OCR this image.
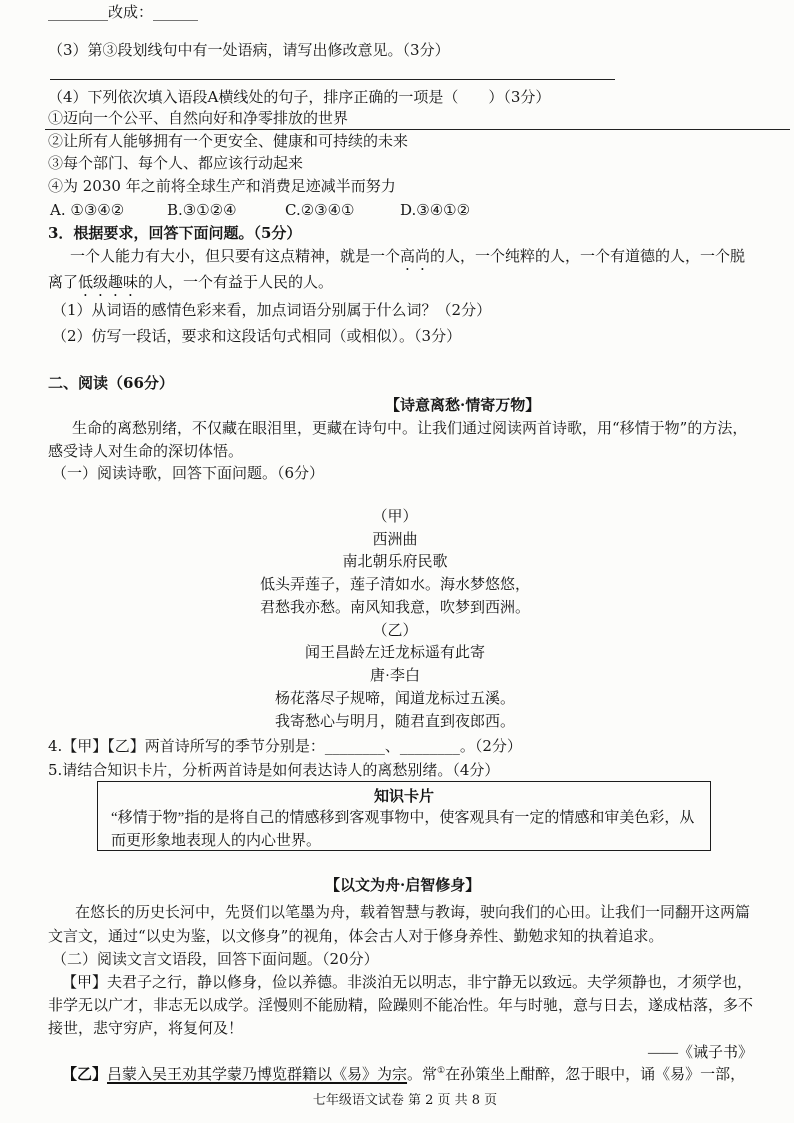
________改成：______
（3）第③段划线句中有一处语病，请写出修改意见。（3分）
（4）下列依次填入语段A横线处的句子，排序正确的一项是（　　）（3分）
①迈向一个公平、自然向好和净零排放的世界
②让所有人能够拥有一个更安全、健康和可持续的未来
③每个部门、每个人、都应该行动起来
④为 2030 年之前将全球生产和消费足迹减半而努力
A. ①③④②	B.③①②④	C.②③④①	D.③④①②
3．根据要求，回答下面问题。（5分）
一个人能力有大小，但只要有这点精神，就是一个高尚的人，一个纯粹的人，一个有道德的人，一个脱
离了低级趣味的人，一个有益于人民的人。
（1）从词语的感情色彩来看，加点词语分别属于什么词？（2分）
（2）仿写一段话，要求和这段话句式相同（或相似）。（3分）
二、阅读（66分）
【诗意离愁·情寄万物】
生命的离愁别绪，不仅藏在眼泪里，更藏在诗句中。让我们通过阅读两首诗歌，用“移情于物”的方法，
感受诗人对生命的深切体悟。
（一）阅读诗歌，回答下面问题。（6分）
（甲）
西洲曲
南北朝乐府民歌
低头弄莲子，莲子清如水。海水梦悠悠，
君愁我亦愁。南风知我意，吹梦到西洲。
（乙）
闻王昌龄左迁龙标遥有此寄
唐·李白
杨花落尽子规啼，闻道龙标过五溪。
我寄愁心与明月，随君直到夜郎西。
4.【甲】【乙】两首诗所写的季节分别是：________、________。（2分）
5.请结合知识卡片，分析两首诗是如何表达诗人的离愁别绪。（4分）
知识卡片
“移情于物”指的是将自己的情感移到客观事物中，使客观具有一定的情感和审美色彩，从
而更形象地表现人的内心世界。
【以文为舟·启智修身】
在悠长的历史长河中，先贤们以笔墨为舟，载着智慧与教诲，驶向我们的心田。让我们一同翻开这两篇
文言文，通过“以史为鉴，以文修身”的视角，体会古人对于修身养性、勤勉求知的执着追求。
（二）阅读文言文语段，回答下面问题。（20分）
【甲】夫君子之行，静以修身，俭以养德。非淡泊无以明志，非宁静无以致远。夫学须静也，才须学也，
非学无以广才，非志无以成学。淫慢则不能励精，险躁则不能冶性。年与时驰，意与日去，遂成枯落，多不
接世，悲守穷庐，将复何及！
——《诫子书》
【乙】吕蒙入吴王劝其学蒙乃博览群籍以《易》为宗。常①在孙策坐上酣醉，忽于眼中，诵《易》一部，
七年级语文试卷 第 2 页 共 8 页
